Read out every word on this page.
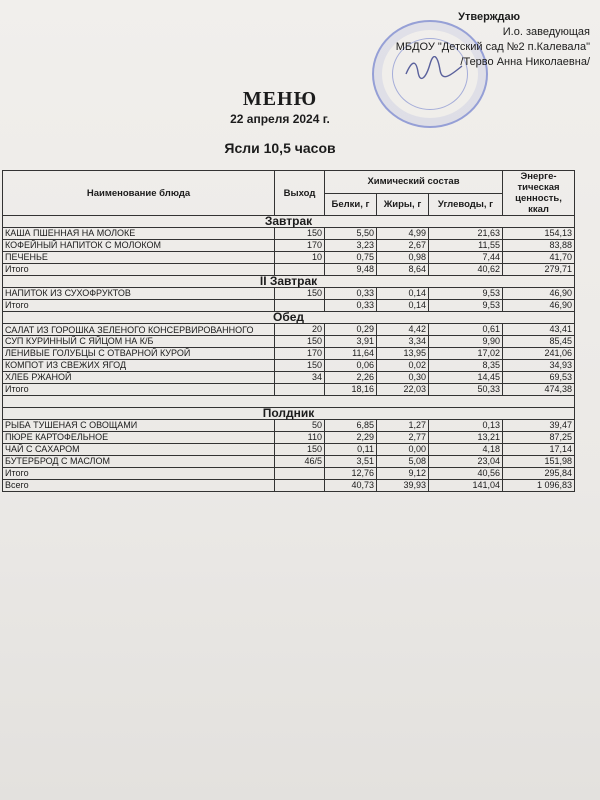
Утверждаю
И.о. заведующая
МБДОУ "Детский сад №2 п.Калевала"
/Терво Анна Николаевна/
МЕНЮ
22 апреля 2024 г.
Ясли 10,5 часов
Наименование блюда	Выход	Химический состав			Энерге-тическая ценность, ккал
		Белки, г	Жиры, г	Углеводы, г	
Завтрак					
КАША ПШЕННАЯ НА МОЛОКЕ	150	5,50	4,99	21,63	154,13
КОФЕЙНЫЙ НАПИТОК С МОЛОКОМ	170	3,23	2,67	11,55	83,88
ПЕЧЕНЬЕ	10	0,75	0,98	7,44	41,70
Итого		9,48	8,64	40,62	279,71
II Завтрак					
НАПИТОК ИЗ СУХОФРУКТОВ	150	0,33	0,14	9,53	46,90
Итого		0,33	0,14	9,53	46,90
Обед					
САЛАТ ИЗ ГОРОШКА ЗЕЛЕНОГО КОНСЕРВИРОВАННОГО	20	0,29	4,42	0,61	43,41
СУП КУРИННЫЙ С ЯЙЦОМ НА К/Б	150	3,91	3,34	9,90	85,45
ЛЕНИВЫЕ ГОЛУБЦЫ С ОТВАРНОЙ КУРОЙ	170	11,64	13,95	17,02	241,06
КОМПОТ ИЗ СВЕЖИХ ЯГОД	150	0,06	0,02	8,35	34,93
ХЛЕБ РЖАНОЙ	34	2,26	0,30	14,45	69,53
Итого		18,16	22,03	50,33	474,38

Полдник					
РЫБА ТУШЕНАЯ С ОВОЩАМИ	50	6,85	1,27	0,13	39,47
ПЮРЕ КАРТОФЕЛЬНОЕ	110	2,29	2,77	13,21	87,25
ЧАЙ С САХАРОМ	150	0,11	0,00	4,18	17,14
БУТЕРБРОД С МАСЛОМ	46/5	3,51	5,08	23,04	151,98
Итого		12,76	9,12	40,56	295,84
Всего		40,73	39,93	141,04	1 096,83
